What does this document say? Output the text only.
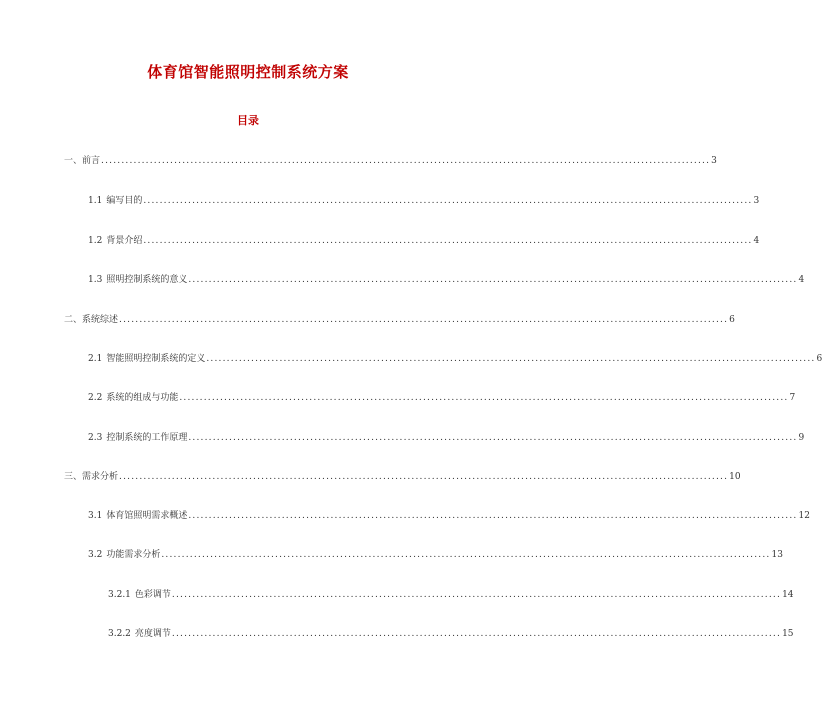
体育馆智能照明控制系统方案
目录
一、前言 ...................................................................................................................................................... 3
1.1 编写目的 ...................................................................................................................................................... 3
1.2 背景介绍 ...................................................................................................................................................... 4
1.3 照明控制系统的意义 ...................................................................................................................................................... 4
二、系统综述 ...................................................................................................................................................... 6
2.1 智能照明控制系统的定义 ...................................................................................................................................................... 6
2.2 系统的组成与功能 ...................................................................................................................................................... 7
2.3 控制系统的工作原理 ...................................................................................................................................................... 9
三、需求分析 ...................................................................................................................................................... 10
3.1 体育馆照明需求概述 ...................................................................................................................................................... 12
3.2 功能需求分析 ...................................................................................................................................................... 13
3.2.1 色彩调节 ...................................................................................................................................................... 14
3.2.2 亮度调节 ...................................................................................................................................................... 15
